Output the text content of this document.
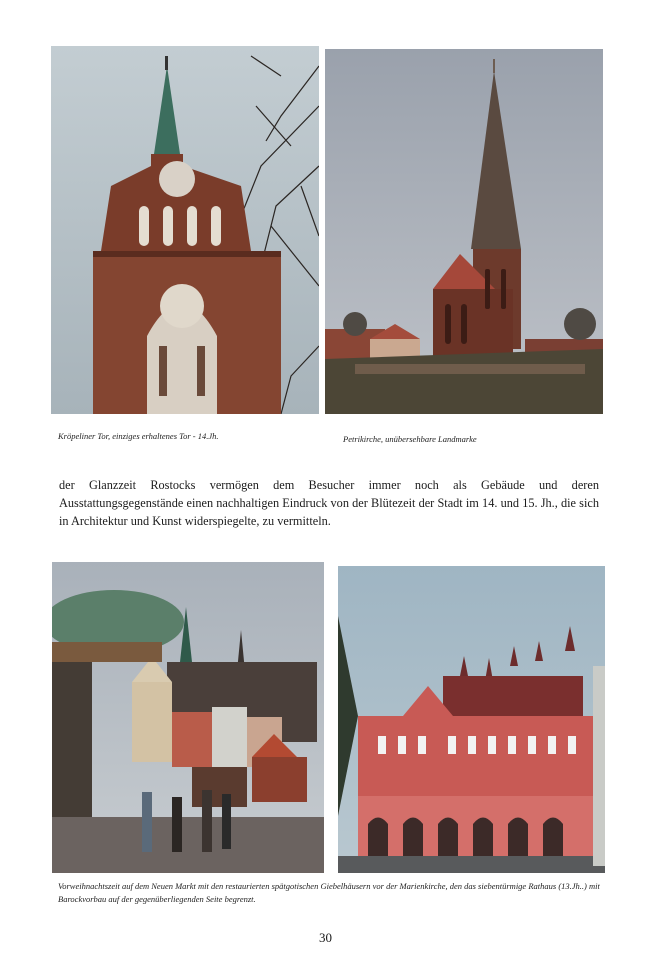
Kröpeliner Tor, einziges erhaltenes Tor - 14.Jh.	Petrikirche, unübersehbare Landmarke
der Glanzzeit Rostocks vermögen dem Besucher immer noch als Gebäude und deren Ausstattungsgegenstände einen nachhaltigen Eindruck von der Blütezeit der Stadt im 14. und 15. Jh., die sich in Architektur und Kunst widerspiegelte, zu vermitteln.
Vorweihnachtszeit auf dem Neuen Markt mit den restaurierten spätgotischen Giebelhäusern vor der Marienkirche, den das siebentürmige Rathaus (13.Jh..) mit Barockvorbau auf der gegenüberliegenden Seite begrenzt.
30
